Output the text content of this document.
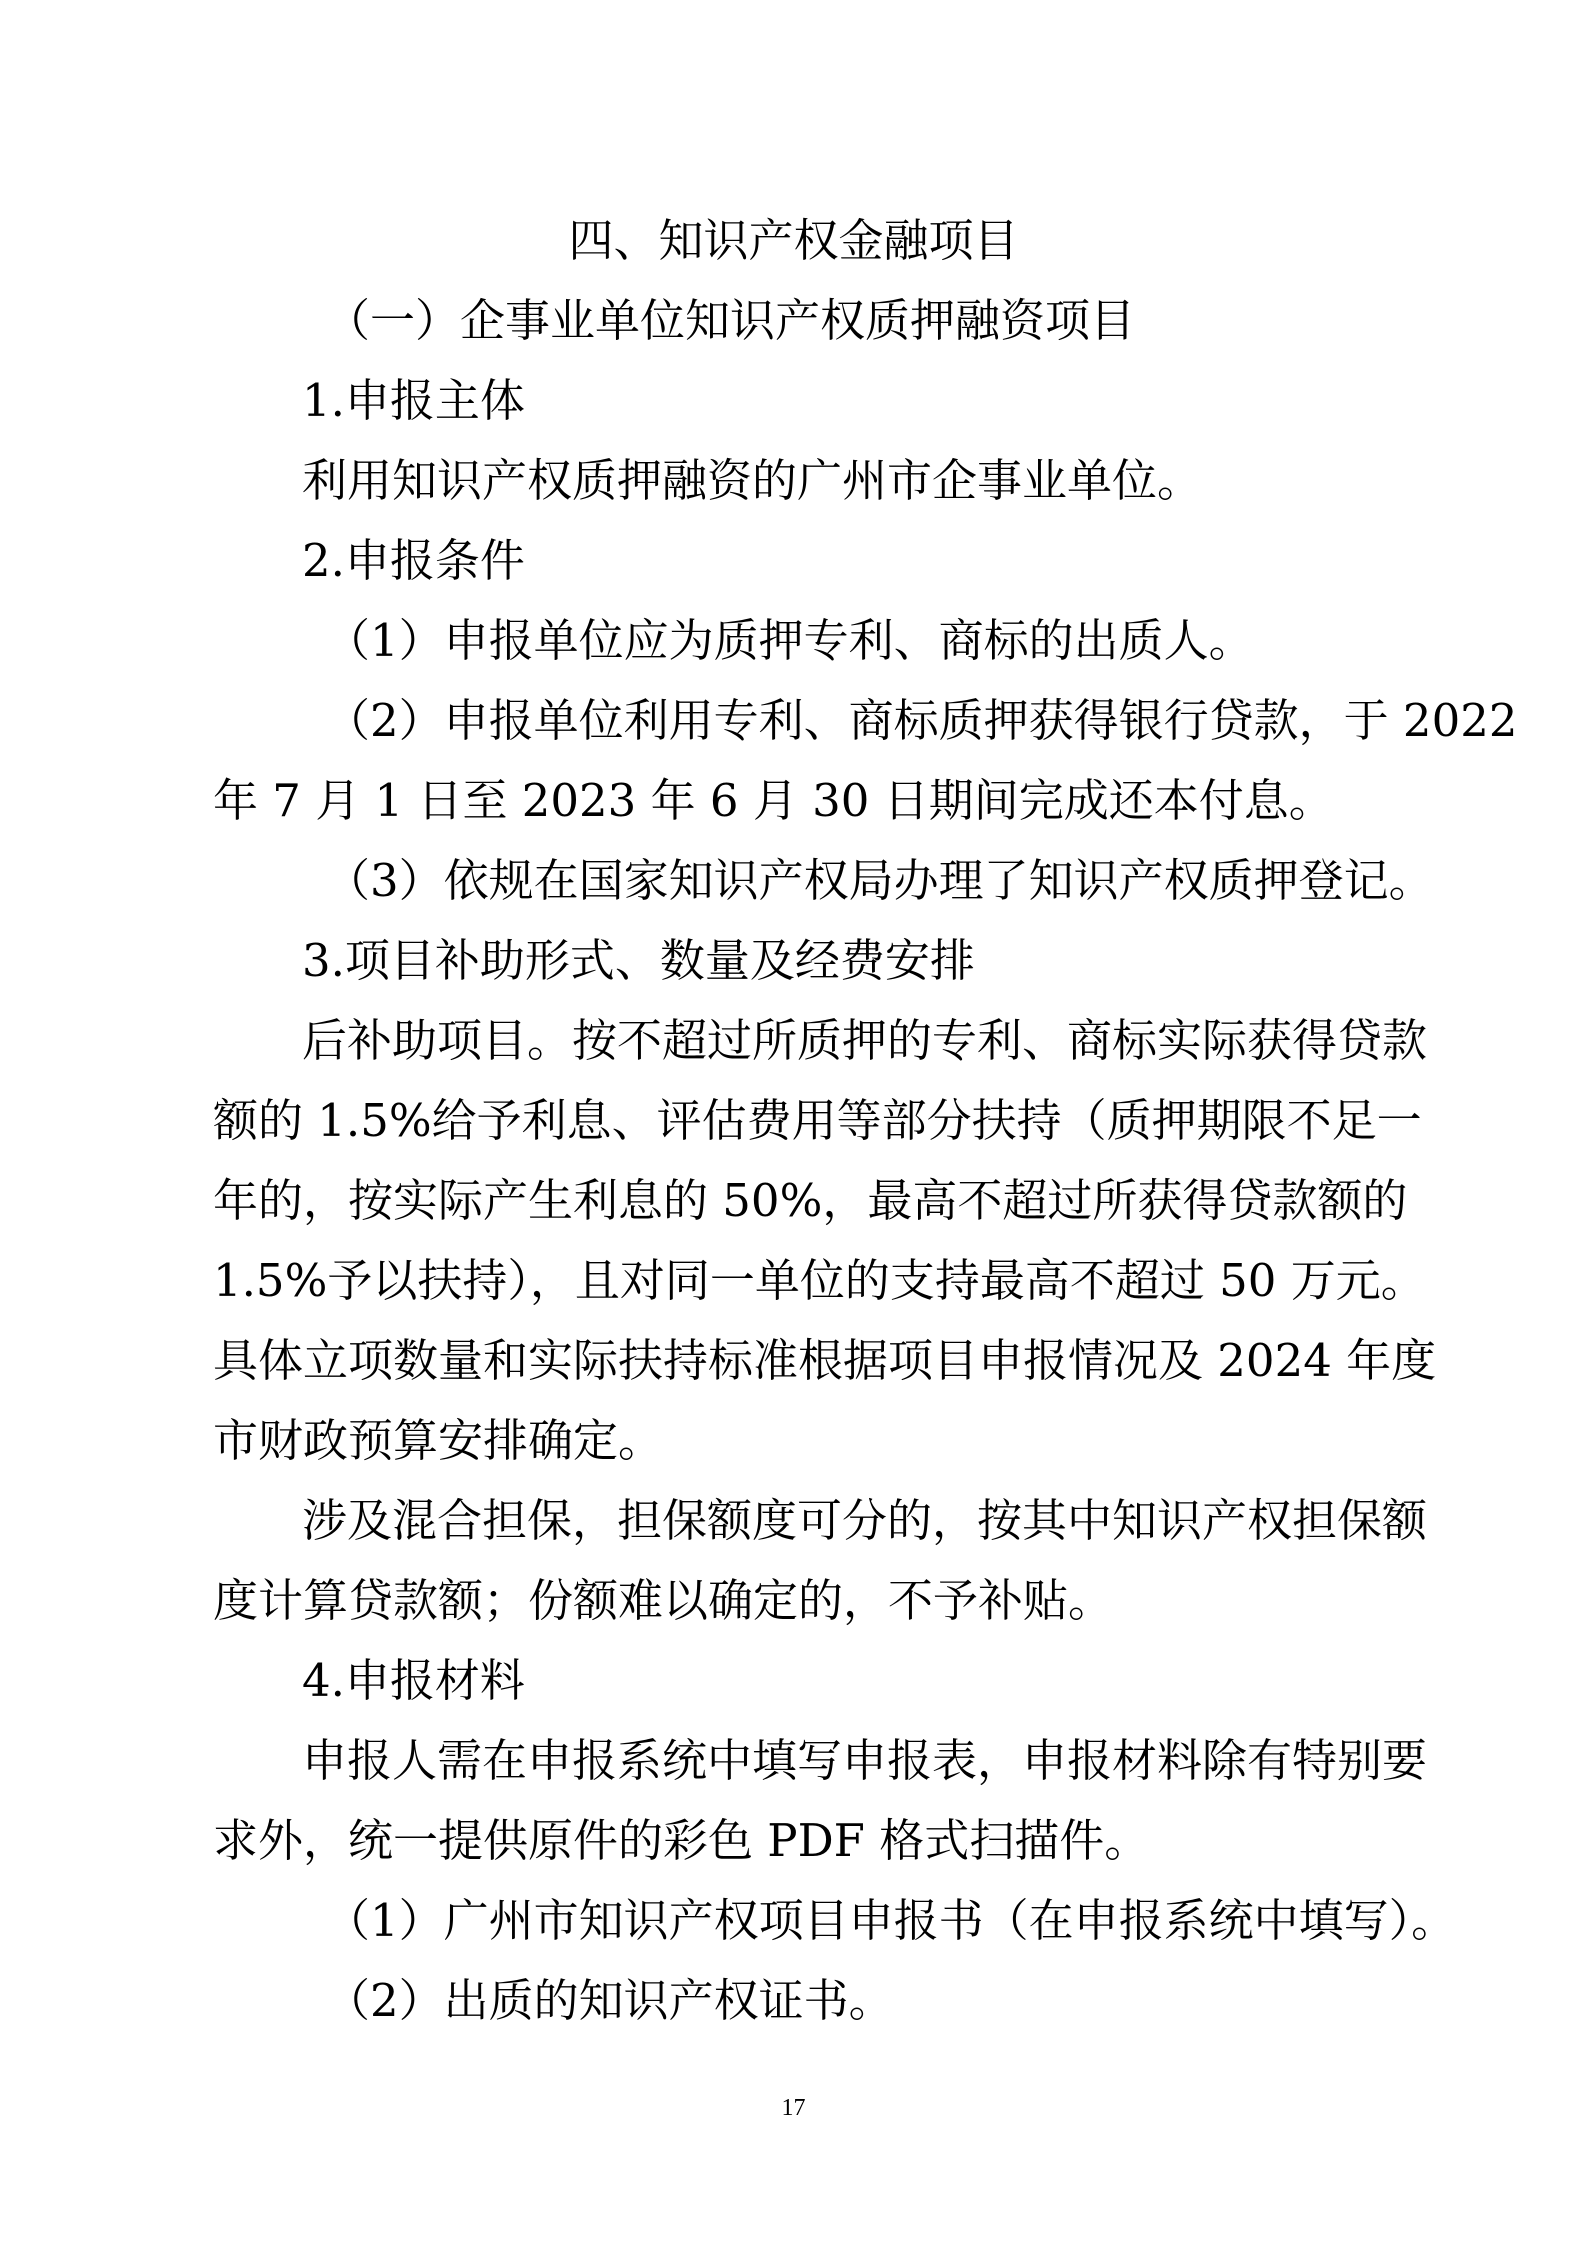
四、知识产权金融项目
（一）企事业单位知识产权质押融资项目
1.申报主体
利用知识产权质押融资的广州市企事业单位。
2.申报条件
（1）申报单位应为质押专利、商标的出质人。
（2）申报单位利用专利、商标质押获得银行贷款，于 2022
年 7 月 1 日至 2023 年 6 月 30 日期间完成还本付息。
（3）依规在国家知识产权局办理了知识产权质押登记。
3.项目补助形式、数量及经费安排
后补助项目。按不超过所质押的专利、商标实际获得贷款
额的 1.5%给予利息、评估费用等部分扶持（质押期限不足一
年的，按实际产生利息的 50%，最高不超过所获得贷款额的
1.5%予以扶持），且对同一单位的支持最高不超过 50 万元。
具体立项数量和实际扶持标准根据项目申报情况及 2024 年度
市财政预算安排确定。
涉及混合担保，担保额度可分的，按其中知识产权担保额
度计算贷款额；份额难以确定的，不予补贴。
4.申报材料
申报人需在申报系统中填写申报表，申报材料除有特别要
求外，统一提供原件的彩色 PDF 格式扫描件。
（1）广州市知识产权项目申报书（在申报系统中填写）。
（2）出质的知识产权证书。
17
